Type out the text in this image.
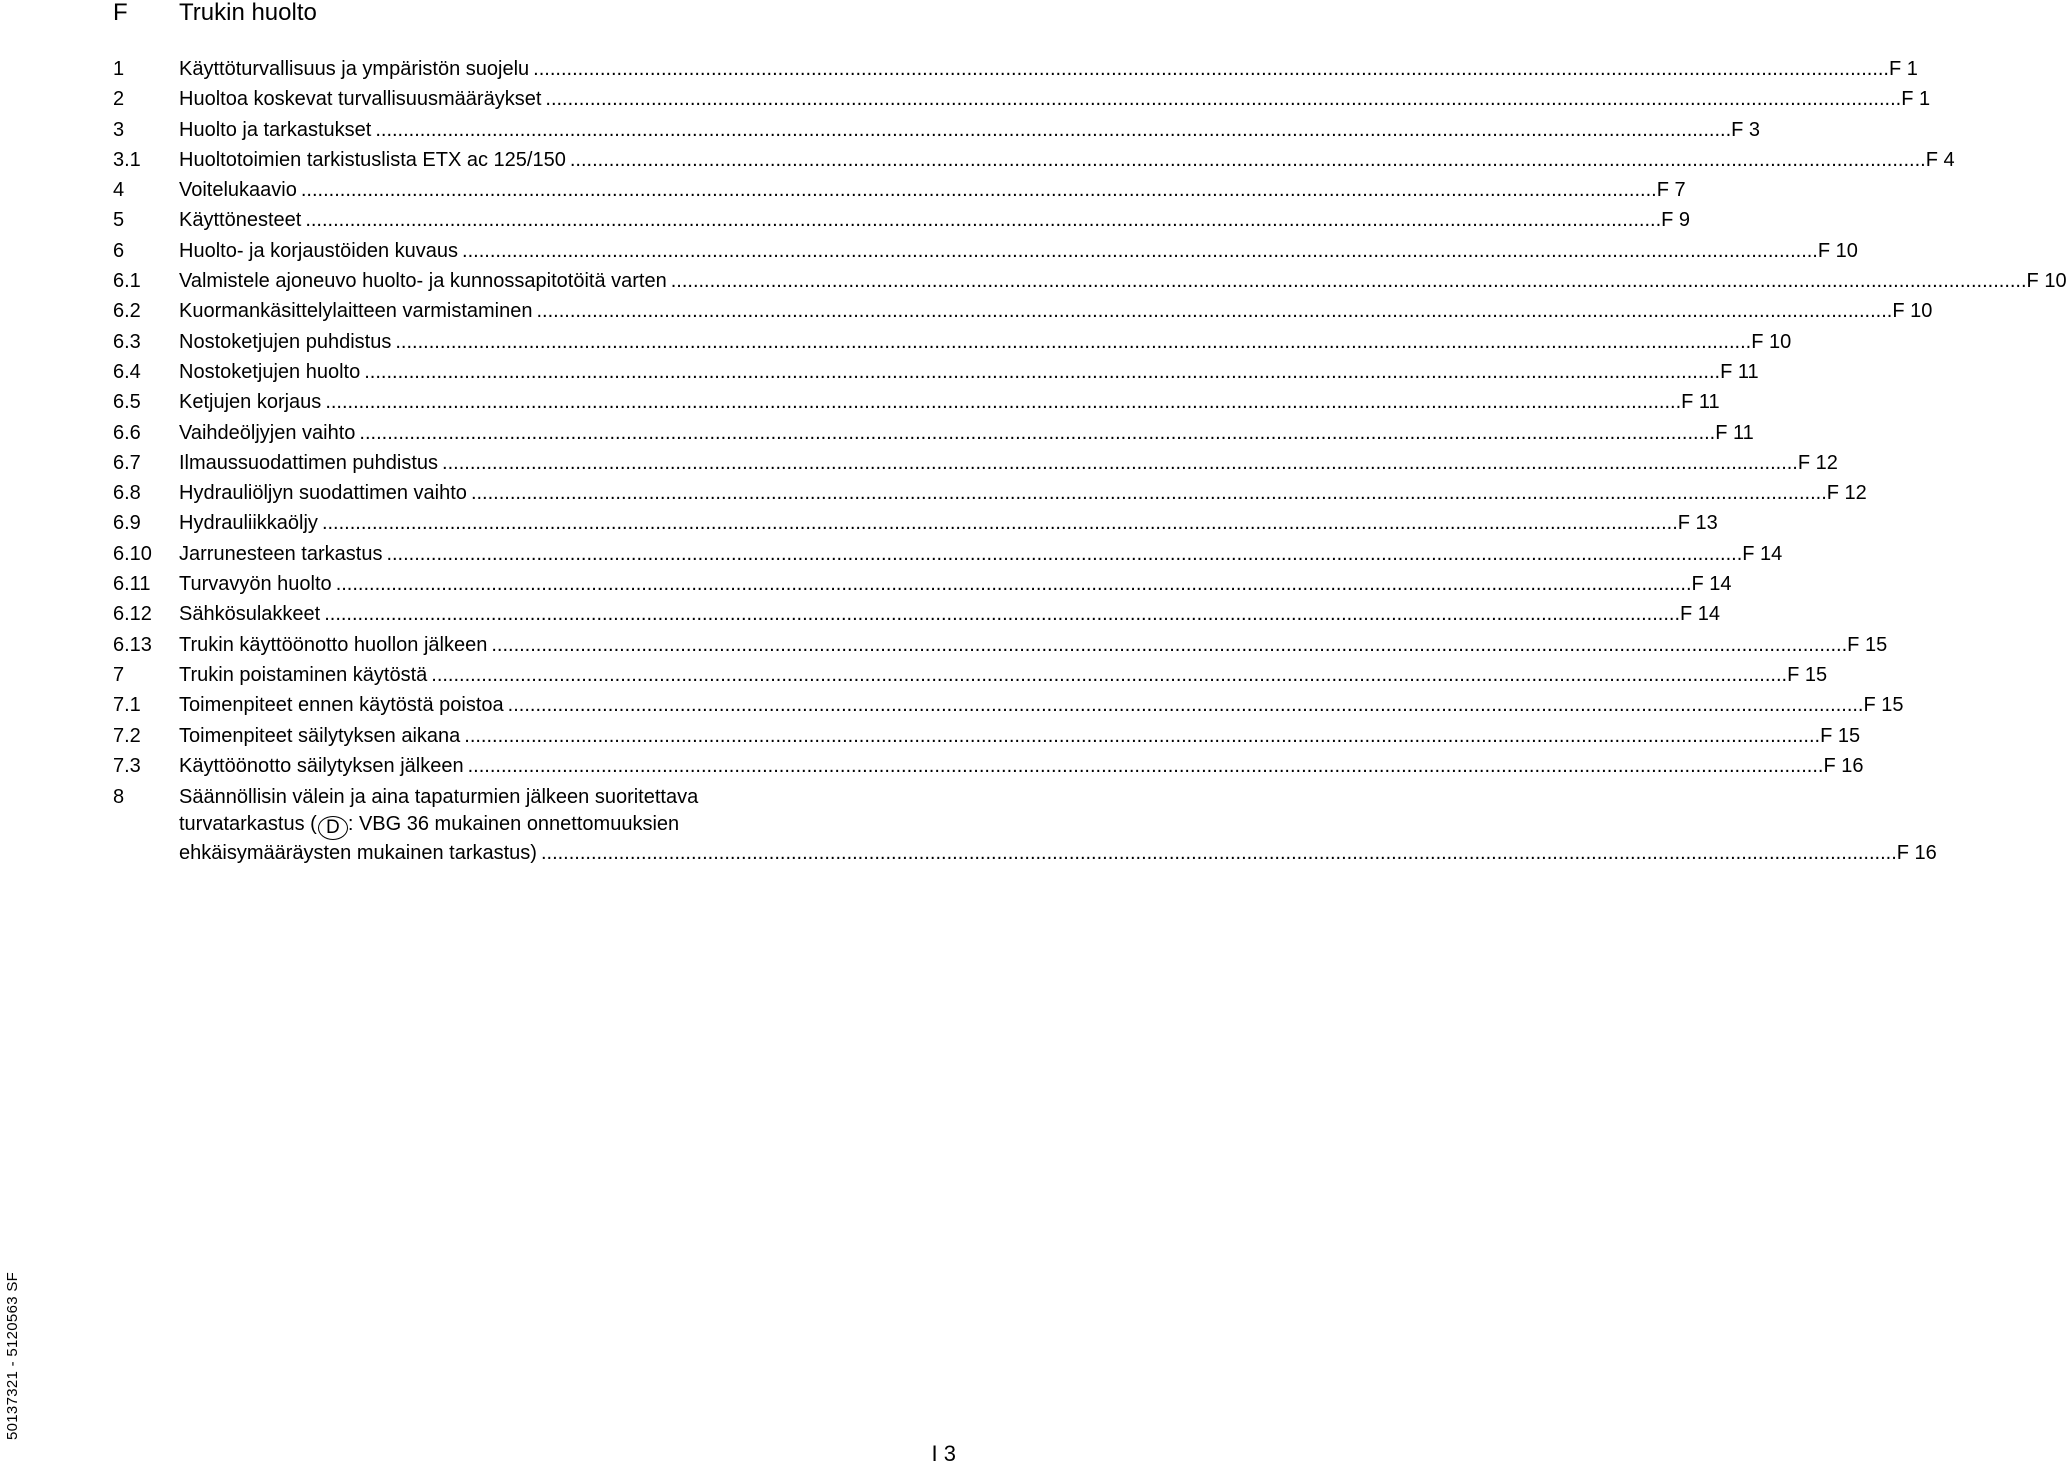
F Trukin huolto
1	Käyttöturvallisuus ja ympäristön suojelu .....	F 1
2	Huoltoa koskevat turvallisuusmääräykset .....	F 1
3	Huolto ja tarkastukset .....	F 3
3.1	Huoltotoimien tarkistuslista ETX ac 125/150 .....	F 4
4	Voitelukaavio .....	F 7
5	Käyttönesteet .....	F 9
6	Huolto- ja korjaustöiden kuvaus .....	F 10
6.1	Valmistele ajoneuvo huolto- ja kunnossapitotöitä varten .....	F 10
6.2	Kuormankäsittelylaitteen varmistaminen .....	F 10
6.3	Nostoketjujen puhdistus .....	F 10
6.4	Nostoketjujen huolto .....	F 11
6.5	Ketjujen korjaus .....	F 11
6.6	Vaihdeöljyjen vaihto .....	F 11
6.7	Ilmaussuodattimen puhdistus .....	F 12
6.8	Hydrauliöljyn suodattimen vaihto .....	F 12
6.9	Hydrauliikkaöljy .....	F 13
6.10	Jarrunesteen tarkastus .....	F 14
6.11	Turvavyön huolto .....	F 14
6.12	Sähkösulakkeet .....	F 14
6.13	Trukin käyttöönotto huollon jälkeen .....	F 15
7	Trukin poistaminen käytöstä .....	F 15
7.1	Toimenpiteet ennen käytöstä poistoa .....	F 15
7.2	Toimenpiteet säilytyksen aikana .....	F 15
7.3	Käyttöönotto säilytyksen jälkeen .....	F 16
8	Säännöllisin välein ja aina tapaturmien jälkeen suoritettava
turvatarkastus ( D : VBG 36 mukainen onnettomuuksien
ehkäisymääräysten mukainen tarkastus) .....	F 16
50137321 - 5120563 SF
I 3
